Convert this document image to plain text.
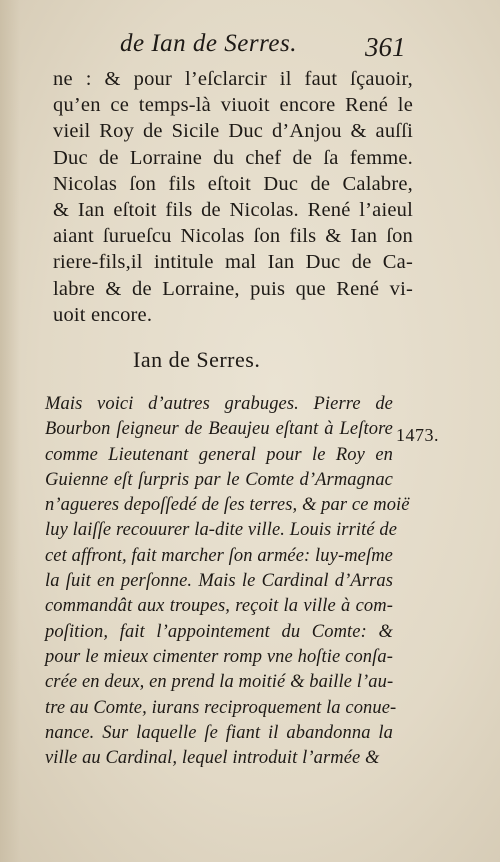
de Ian de Serres.	361
ne : & pour l’eſclarcir il faut ſçauoir,
qu’en ce temps-là viuoit encore René le
vieil Roy de Sicile Duc d’Anjou & auſſi
Duc de Lorraine du chef de ſa femme.
Nicolas ſon fils eſtoit Duc de Calabre,
& Ian eſtoit fils de Nicolas. René l’aieul
aiant ſurueſcu Nicolas ſon fils & Ian ſon
riere-fils,il intitule mal Ian Duc de Ca-
labre & de Lorraine, puis que René vi-
uoit encore.
Ian de Serres.
1473.
Mais voici d’autres grabuges. Pierre de
Bourbon ſeigneur de Beaujeu eſtant à Leſtore
comme Lieutenant general pour le Roy en
Guienne eſt ſurpris par le Comte d’Armagnac
n’agueres depoſſedé de ſes terres, & par ce moië
luy laiſſe recouurer la-dite ville. Louis irrité de
cet affront, fait marcher ſon armée: luy-meſme
la ſuit en perſonne. Mais le Cardinal d’Arras
commandât aux troupes, reçoit la ville à com-
poſition, fait l’appointement du Comte: &
pour le mieux cimenter romp vne hoſtie conſa-
crée en deux, en prend la moitié & baille l’au-
tre au Comte, iurans reciproquement la conue-
nance. Sur laquelle ſe fiant il abandonna la
ville au Cardinal, lequel introduit l’armée &
